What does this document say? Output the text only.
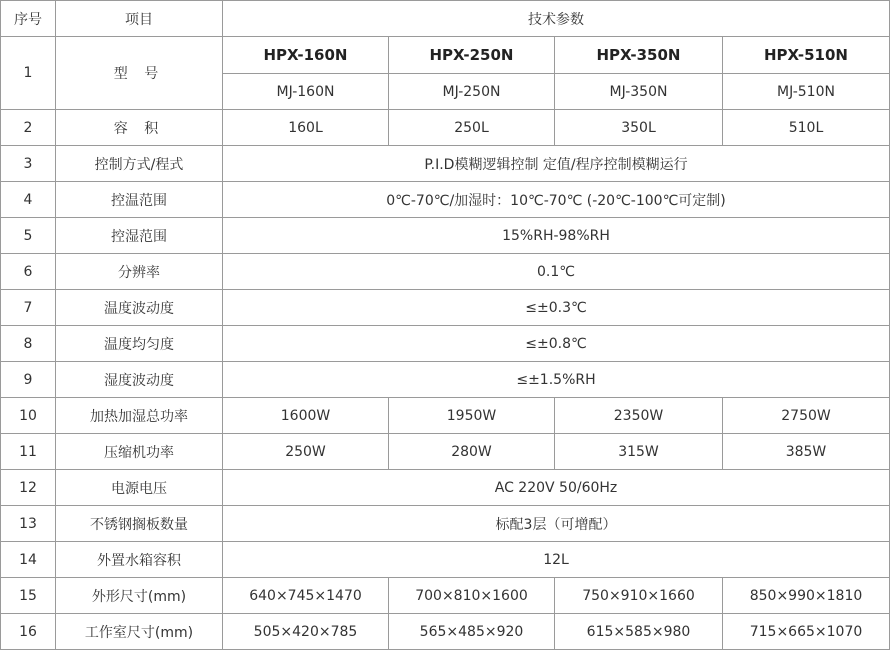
序号	项目	技术参数			
1	型 号	HPX-160N	HPX-250N	HPX-350N	HPX-510N
		MJ-160N	MJ-250N	MJ-350N	MJ-510N
2	容 积	160L	250L	350L	510L
3	控制方式/程式	P.I.D模糊逻辑控制 定值/程序控制模糊运行			
4	控温范围	0℃-70℃/加湿时：10℃-70℃ (-20℃-100℃可定制)			
5	控湿范围	15%RH-98%RH			
6	分辨率	0.1℃			
7	温度波动度	≤±0.3℃			
8	温度均匀度	≤±0.8℃			
9	湿度波动度	≤±1.5%RH			
10	加热加湿总功率	1600W	1950W	2350W	2750W
11	压缩机功率	250W	280W	315W	385W
12	电源电压	AC 220V 50/60Hz			
13	不锈钢搁板数量	标配3层（可增配）			
14	外置水箱容积	12L			
15	外形尺寸(mm)	640×745×1470	700×810×1600	750×910×1660	850×990×1810
16	工作室尺寸(mm)	505×420×785	565×485×920	615×585×980	715×665×1070
